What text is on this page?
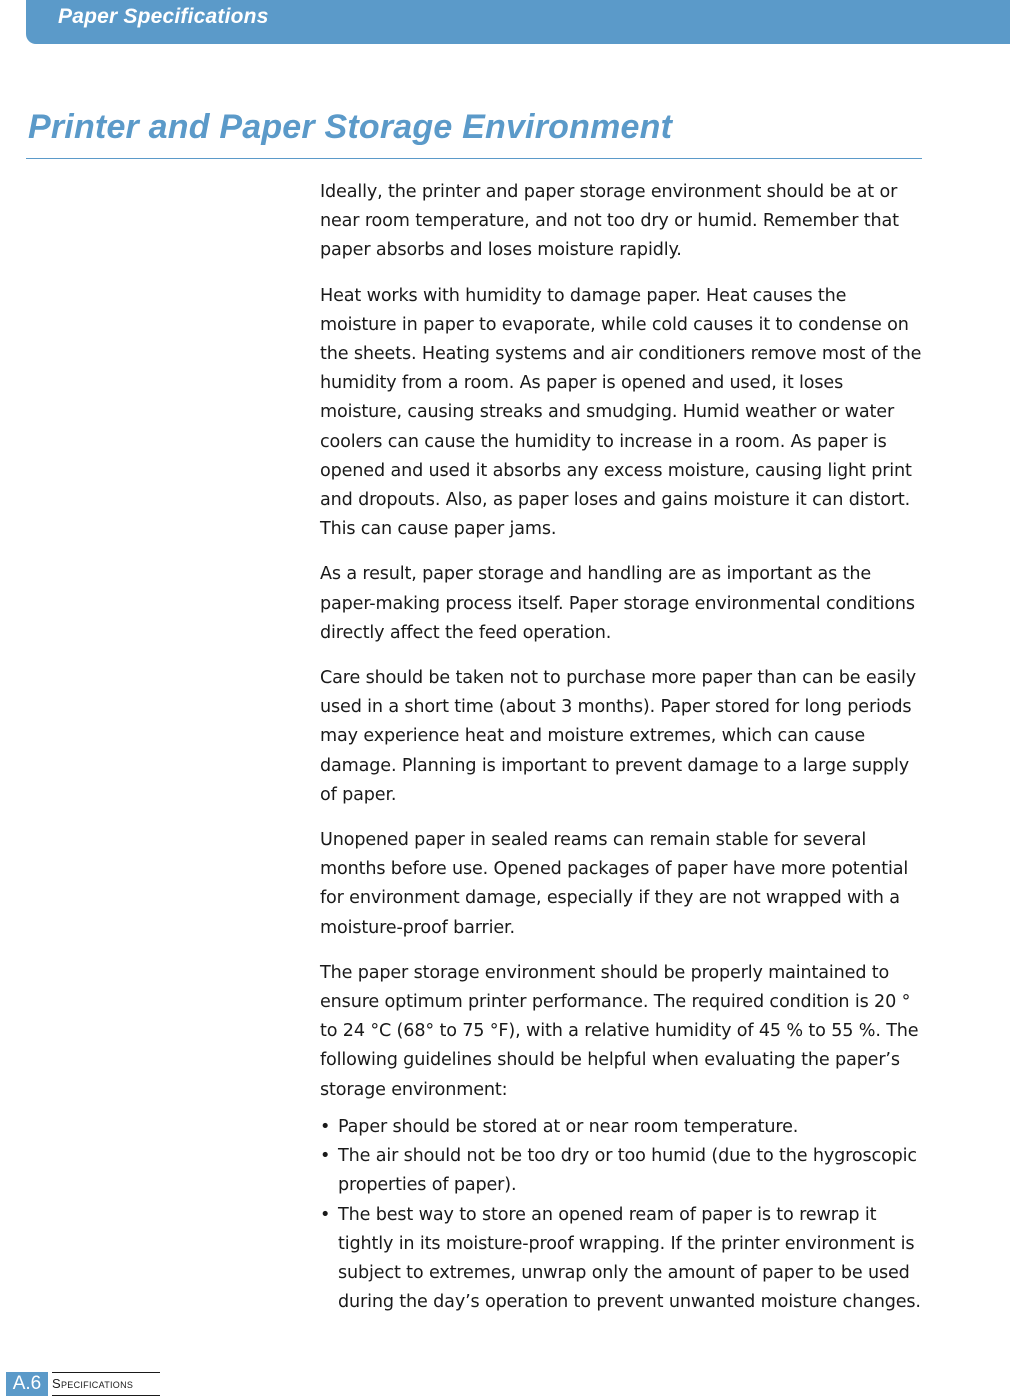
Paper Specifications
Printer and Paper Storage Environment

Ideally, the printer and paper storage environment should be at or near room temperature, and not too dry or humid. Remember that paper absorbs and loses moisture rapidly.

Heat works with humidity to damage paper. Heat causes the moisture in paper to evaporate, while cold causes it to condense on the sheets. Heating systems and air conditioners remove most of the humidity from a room. As paper is opened and used, it loses moisture, causing streaks and smudging. Humid weather or water coolers can cause the humidity to increase in a room. As paper is opened and used it absorbs any excess moisture, causing light print and dropouts. Also, as paper loses and gains moisture it can distort. This can cause paper jams.

As a result, paper storage and handling are as important as the paper-making process itself. Paper storage environmental conditions directly affect the feed operation.

Care should be taken not to purchase more paper than can be easily used in a short time (about 3 months). Paper stored for long periods may experience heat and moisture extremes, which can cause damage. Planning is important to prevent damage to a large supply of paper.

Unopened paper in sealed reams can remain stable for several months before use. Opened packages of paper have more potential for environment damage, especially if they are not wrapped with a moisture-proof barrier.

The paper storage environment should be properly maintained to ensure optimum printer performance. The required condition is 20 ° to 24 °C (68° to 75 °F), with a relative humidity of 45 % to 55 %. The following guidelines should be helpful when evaluating the paper’s storage environment:

• Paper should be stored at or near room temperature.
• The air should not be too dry or too humid (due to the hygroscopic properties of paper).
• The best way to store an opened ream of paper is to rewrap it tightly in its moisture-proof wrapping. If the printer environment is subject to extremes, unwrap only the amount of paper to be used during the day’s operation to prevent unwanted moisture changes.
A.6 Specifications
